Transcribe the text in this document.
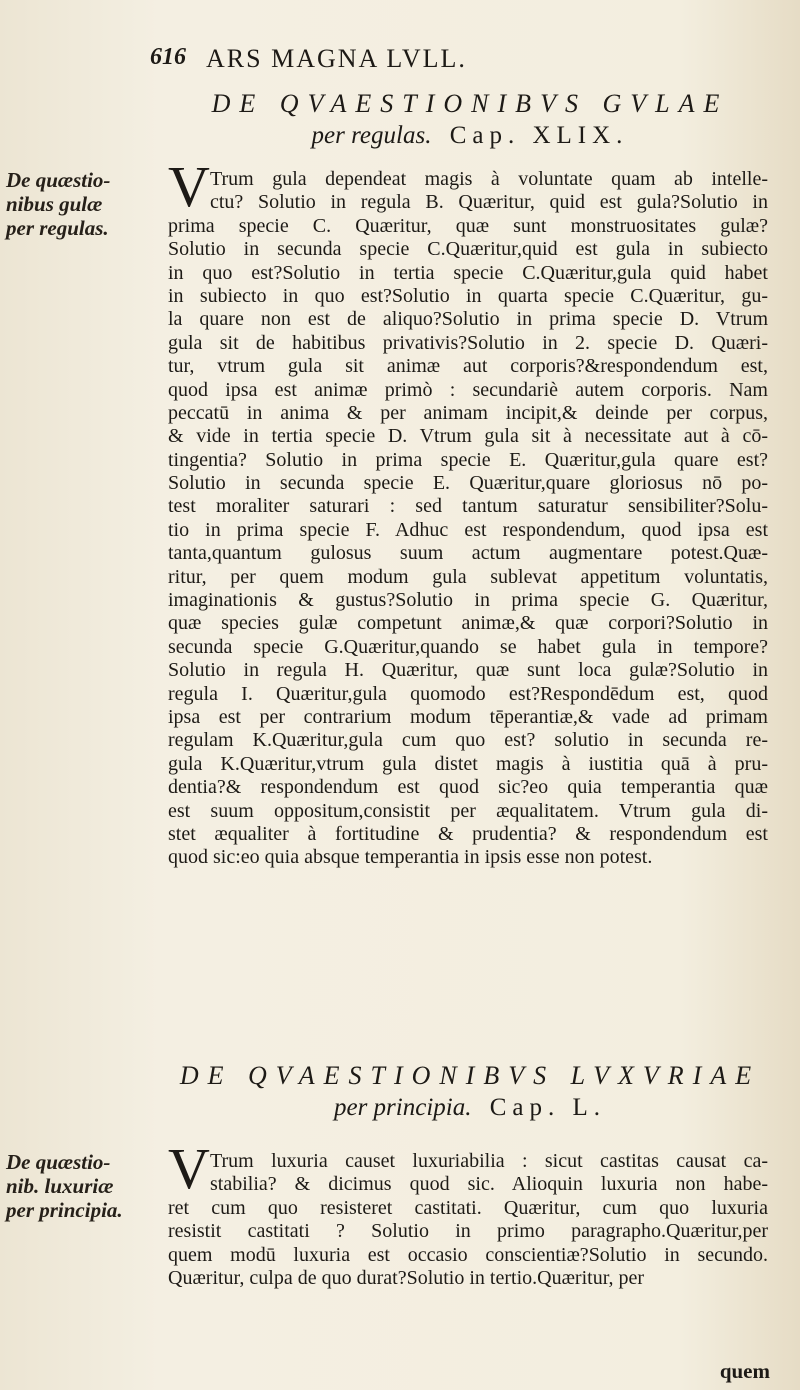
616 ARS MAGNA LVLL.
DE QVAESTIONIBVS GVLAE
per regulas. Cap. XLIX.
De quæstio-
nibus gulæ
per regulas.
V Trum gula dependeat magis à voluntate quam ab intelle-
ctu? Solutio in regula B. Quæritur, quid est gula?Solutio in
prima specie C. Quæritur, quæ sunt monstruositates gulæ?
Solutio in secunda specie C.Quæritur,quid est gula in subiecto
in quo est?Solutio in tertia specie C.Quæritur,gula quid habet
in subiecto in quo est?Solutio in quarta specie C.Quæritur, gu-
la quare non est de aliquo?Solutio in prima specie D. Vtrum
gula sit de habitibus privativis?Solutio in 2. specie D. Quæri-
tur, vtrum gula sit animæ aut corporis?&respondendum est,
quod ipsa est animæ primò : secundariè autem corporis. Nam
peccatū in anima & per animam incipit,& deinde per corpus,
& vide in tertia specie D. Vtrum gula sit à necessitate aut à cō-
tingentia? Solutio in prima specie E. Quæritur,gula quare est?
Solutio in secunda specie E. Quæritur,quare gloriosus nō po-
test moraliter saturari : sed tantum saturatur sensibiliter?Solu-
tio in prima specie F. Adhuc est respondendum, quod ipsa est
tanta,quantum gulosus suum actum augmentare potest.Quæ-
ritur, per quem modum gula sublevat appetitum voluntatis,
imaginationis & gustus?Solutio in prima specie G. Quæritur,
quæ species gulæ competunt animæ,& quæ corpori?Solutio in
secunda specie G.Quæritur,quando se habet gula in tempore?
Solutio in regula H. Quæritur, quæ sunt loca gulæ?Solutio in
regula I. Quæritur,gula quomodo est?Respondēdum est, quod
ipsa est per contrarium modum tēperantiæ,& vade ad primam
regulam K.Quæritur,gula cum quo est? solutio in secunda re-
gula K.Quæritur,vtrum gula distet magis à iustitia quā à pru-
dentia?& respondendum est quod sic?eo quia temperantia quæ
est suum oppositum,consistit per æqualitatem. Vtrum gula di-
stet æqualiter à fortitudine & prudentia? & respondendum est
quod sic:eo quia absque temperantia in ipsis esse non potest.
DE QVAESTIONIBVS LVXVRIAE
per principia. Cap. L.
De quæstio-
nib. luxuriæ
per principia.
V Trum luxuria causet luxuriabilia : sicut castitas causat ca-
stabilia? & dicimus quod sic. Alioquin luxuria non habe-
ret cum quo resisteret castitati. Quæritur, cum quo luxuria
resistit castitati ? Solutio in primo paragrapho.Quæritur,per
quem modū luxuria est occasio conscientiæ?Solutio in secundo.
Quæritur, culpa de quo durat?Solutio in tertio.Quæritur, per
quem
